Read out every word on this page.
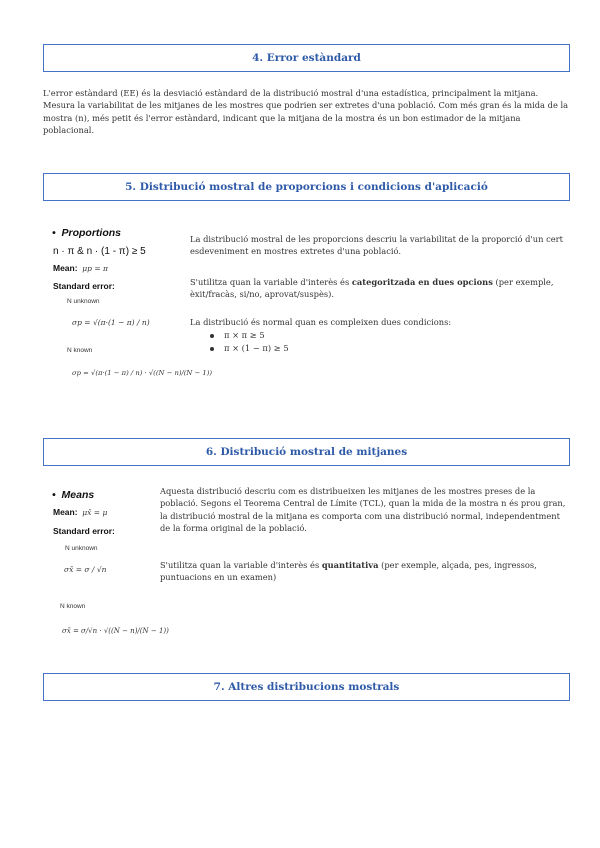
4. Error estàndard

L'error estàndard (EE) és la desviació estàndard de la distribució mostral d'una estadística, principalment la mitjana. Mesura la variabilitat de les mitjanes de les mostres que podrien ser extretes d'una població. Com més gran és la mida de la mostra (n), més petit és l'error estàndard, indicant que la mitjana de la mostra és un bon estimador de la mitjana poblacional.

5. Distribució mostral de proporcions i condicions d'aplicació
•  Proportions
n · π & n · (1 - π) ≥ 5
Mean: μp = π
Standard error:
N unknown
σp = √(π·(1 − π) / n)
N known
σp = √(π·(1 − π) / n) · √((N − n)/(N − 1))

La distribució mostral de les proporcions descriu la variabilitat de la proporció d'un cert esdeveniment en mostres extretes d'una població.

S'utilitza quan la variable d'interès és categoritzada en dues opcions (per exemple, èxit/fracàs, si/no, aprovat/suspès).

La distribució és normal quan es compleixen dues condicions:

π × π ≥ 5
π × (1 − π) ≥ 5
6. Distribució mostral de mitjanes
•  Means
Mean: μx̄ = μ
Standard error:
N unknown
σx̄ = σ / √n
N known
σx̄ = σ/√n · √((N − n)/(N − 1))

Aquesta distribució descriu com es distribueixen les mitjanes de les mostres preses de la població. Segons el Teorema Central de Límite (TCL), quan la mida de la mostra n és prou gran, la distribució mostral de la mitjana es comporta com una distribució normal, independentment de la forma original de la població.

S'utilitza quan la variable d'interès és quantitativa (per exemple, alçada, pes, ingressos, puntuacions en un examen)

7. Altres distribucions mostrals
